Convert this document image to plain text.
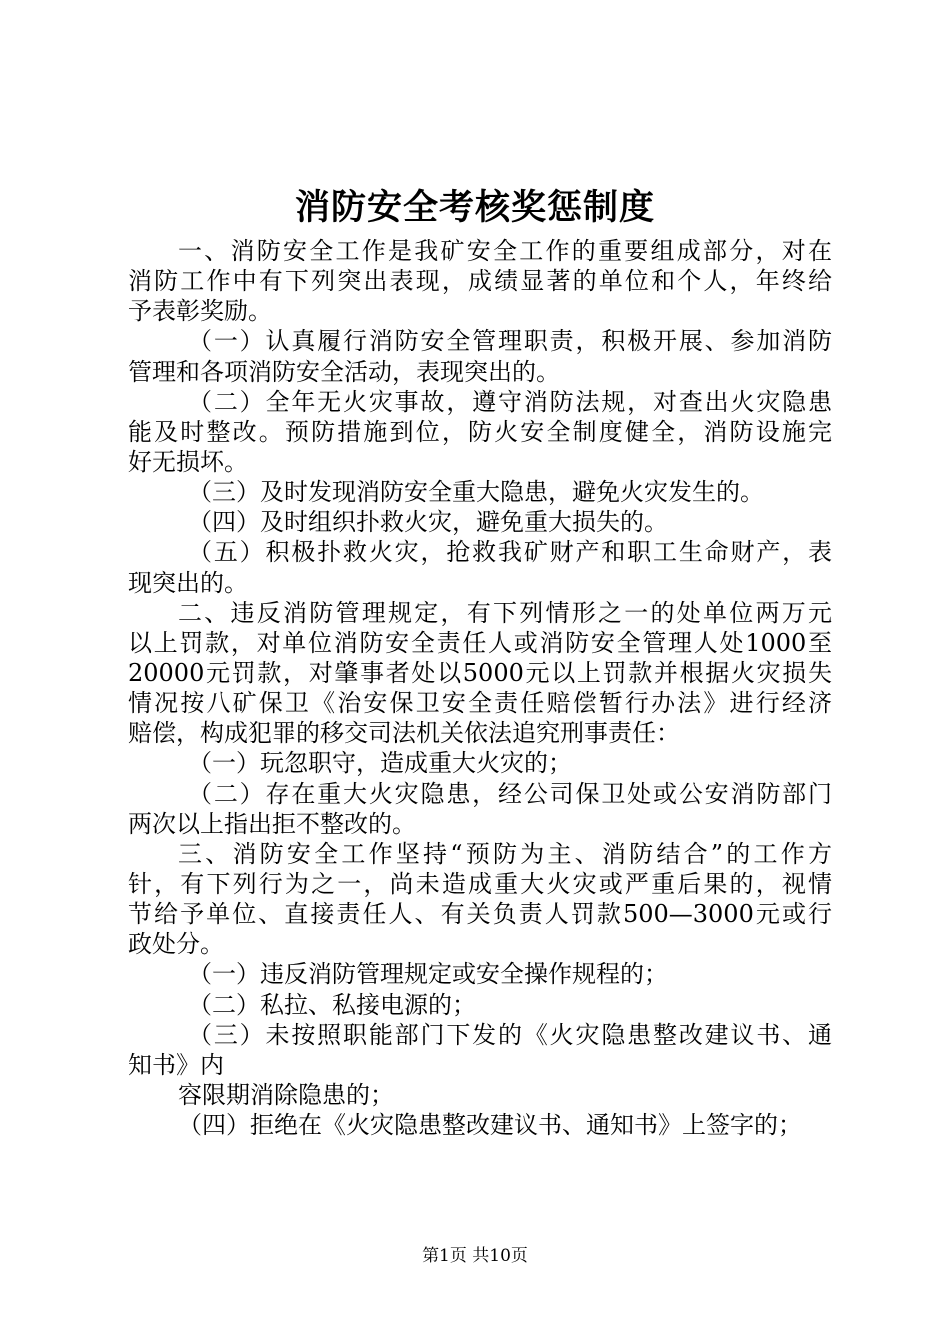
消防安全考核奖惩制度
一、消防安全工作是我矿安全工作的重要组成部分，对在
消防工作中有下列突出表现，成绩显著的单位和个人，年终给
予表彰奖励。
（一）认真履行消防安全管理职责，积极开展、参加消防
管理和各项消防安全活动，表现突出的。
（二）全年无火灾事故，遵守消防法规，对查出火灾隐患
能及时整改。预防措施到位，防火安全制度健全，消防设施完
好无损坏。
（三）及时发现消防安全重大隐患，避免火灾发生的。
（四）及时组织扑救火灾，避免重大损失的。
（五）积极扑救火灾，抢救我矿财产和职工生命财产，表
现突出的。
二、违反消防管理规定，有下列情形之一的处单位两万元
以上罚款，对单位消防安全责任人或消防安全管理人处1000至
20000元罚款，对肇事者处以5000元以上罚款并根据火灾损失
情况按八矿保卫《治安保卫安全责任赔偿暂行办法》进行经济
赔偿，构成犯罪的移交司法机关依法追究刑事责任：
（一）玩忽职守，造成重大火灾的；
（二）存在重大火灾隐患，经公司保卫处或公安消防部门
两次以上指出拒不整改的。
三、消防安全工作坚持“预防为主、消防结合”的工作方
针，有下列行为之一，尚未造成重大火灾或严重后果的，视情
节给予单位、直接责任人、有关负责人罚款500—3000元或行
政处分。
（一）违反消防管理规定或安全操作规程的；
（二）私拉、私接电源的；
（三）未按照职能部门下发的《火灾隐患整改建议书、通
知书》内
容限期消除隐患的；
（四）拒绝在《火灾隐患整改建议书、通知书》上签字的；
第1页 共10页
